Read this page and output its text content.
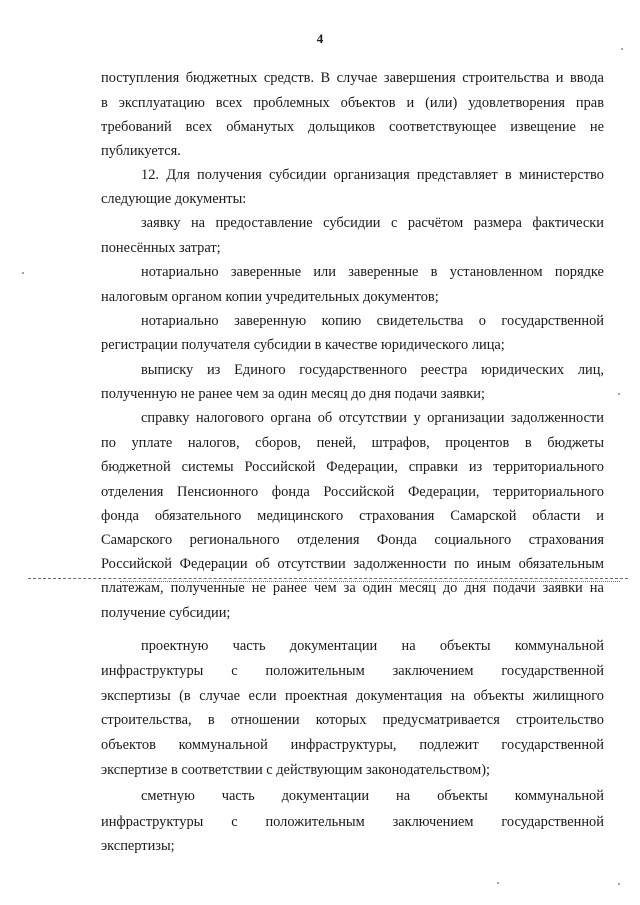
4
поступления бюджетных средств. В случае завершения строительства и ввода
в эксплуатацию всех проблемных объектов и (или) удовлетворения прав
требований всех обманутых дольщиков соответствующее извещение не
публикуется.
12. Для получения субсидии организация представляет в министерство
следующие документы:
заявку на предоставление субсидии с расчётом размера фактически
понесённых затрат;
нотариально заверенные или заверенные в установленном порядке
налоговым органом копии учредительных документов;
нотариально заверенную копию свидетельства о государственной
регистрации получателя субсидии в качестве юридического лица;
выписку из Единого государственного реестра юридических лиц,
полученную не ранее чем за один месяц до дня подачи заявки;
справку налогового органа об отсутствии у организации задолженности
по уплате налогов, сборов, пеней, штрафов, процентов в бюджеты
бюджетной системы Российской Федерации, справки из территориального
отделения Пенсионного фонда Российской Федерации, территориального
фонда обязательного медицинского страхования Самарской области и
Самарского регионального отделения Фонда социального страхования
Российской Федерации об отсутствии задолженности по иным обязательным
платежам, полученные не ранее чем за один месяц до дня подачи заявки на
получение субсидии;
проектную часть документации на объекты коммунальной
инфраструктуры с положительным заключением государственной
экспертизы (в случае если проектная документация на объекты жилищного
строительства, в отношении которых предусматривается строительство
объектов коммунальной инфраструктуры, подлежит государственной
экспертизе в соответствии с действующим законодательством);
сметную часть документации на объекты коммунальной
инфраструктуры с положительным заключением государственной
экспертизы;
